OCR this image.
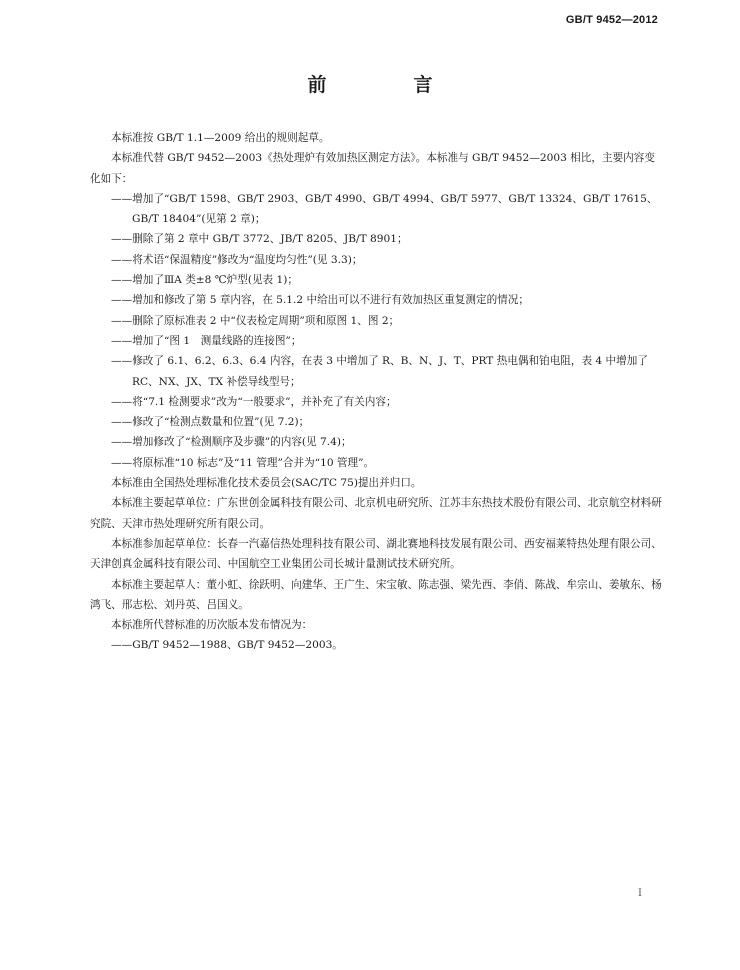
GB/T 9452—2012
前　言

本标准按 GB/T 1.1—2009 给出的规则起草。

本标准代替 GB/T 9452—2003《热处理炉有效加热区测定方法》。本标准与 GB/T 9452—2003 相比，主要内容变化如下：

——增加了“GB/T 1598、GB/T 2903、GB/T 4990、GB/T 4994、GB/T 5977、GB/T 13324、GB/T 17615、GB/T 18404”(见第 2 章)；

——删除了第 2 章中 GB/T 3772、JB/T 8205、JB/T 8901；

——将术语“保温精度”修改为“温度均匀性”(见 3.3)；

——增加了ⅢA 类±8 ℃炉型(见表 1)；

——增加和修改了第 5 章内容，在 5.1.2 中给出可以不进行有效加热区重复测定的情况；

——删除了原标准表 2 中“仪表检定周期”项和原图 1、图 2；

——增加了“图 1　测量线路的连接图”；

——修改了 6.1、6.2、6.3、6.4 内容，在表 3 中增加了 R、B、N、J、T、PRT 热电偶和铂电阻，表 4 中增加了 RC、NX、JX、TX 补偿导线型号；

——将“7.1 检测要求”改为“一般要求”，并补充了有关内容；

——修改了“检测点数量和位置”(见 7.2)；

——增加修改了“检测顺序及步骤”的内容(见 7.4)；

——将原标准“10 标志”及“11 管理”合并为“10 管理”。

本标准由全国热处理标准化技术委员会(SAC/TC 75)提出并归口。

本标准主要起草单位：广东世创金属科技有限公司、北京机电研究所、江苏丰东热技术股份有限公司、北京航空材料研究院、天津市热处理研究所有限公司。

本标准参加起草单位：长春一汽嘉信热处理科技有限公司、湖北赛地科技发展有限公司、西安福莱特热处理有限公司、天津创真金属科技有限公司、中国航空工业集团公司长城计量测试技术研究所。

本标准主要起草人：董小虹、徐跃明、向建华、王广生、宋宝敏、陈志强、梁先西、李俏、陈战、牟宗山、姜敏东、杨鸿飞、邢志松、刘丹英、吕国义。

本标准所代替标准的历次版本发布情况为：

——GB/T 9452—1988、GB/T 9452—2003。

I
